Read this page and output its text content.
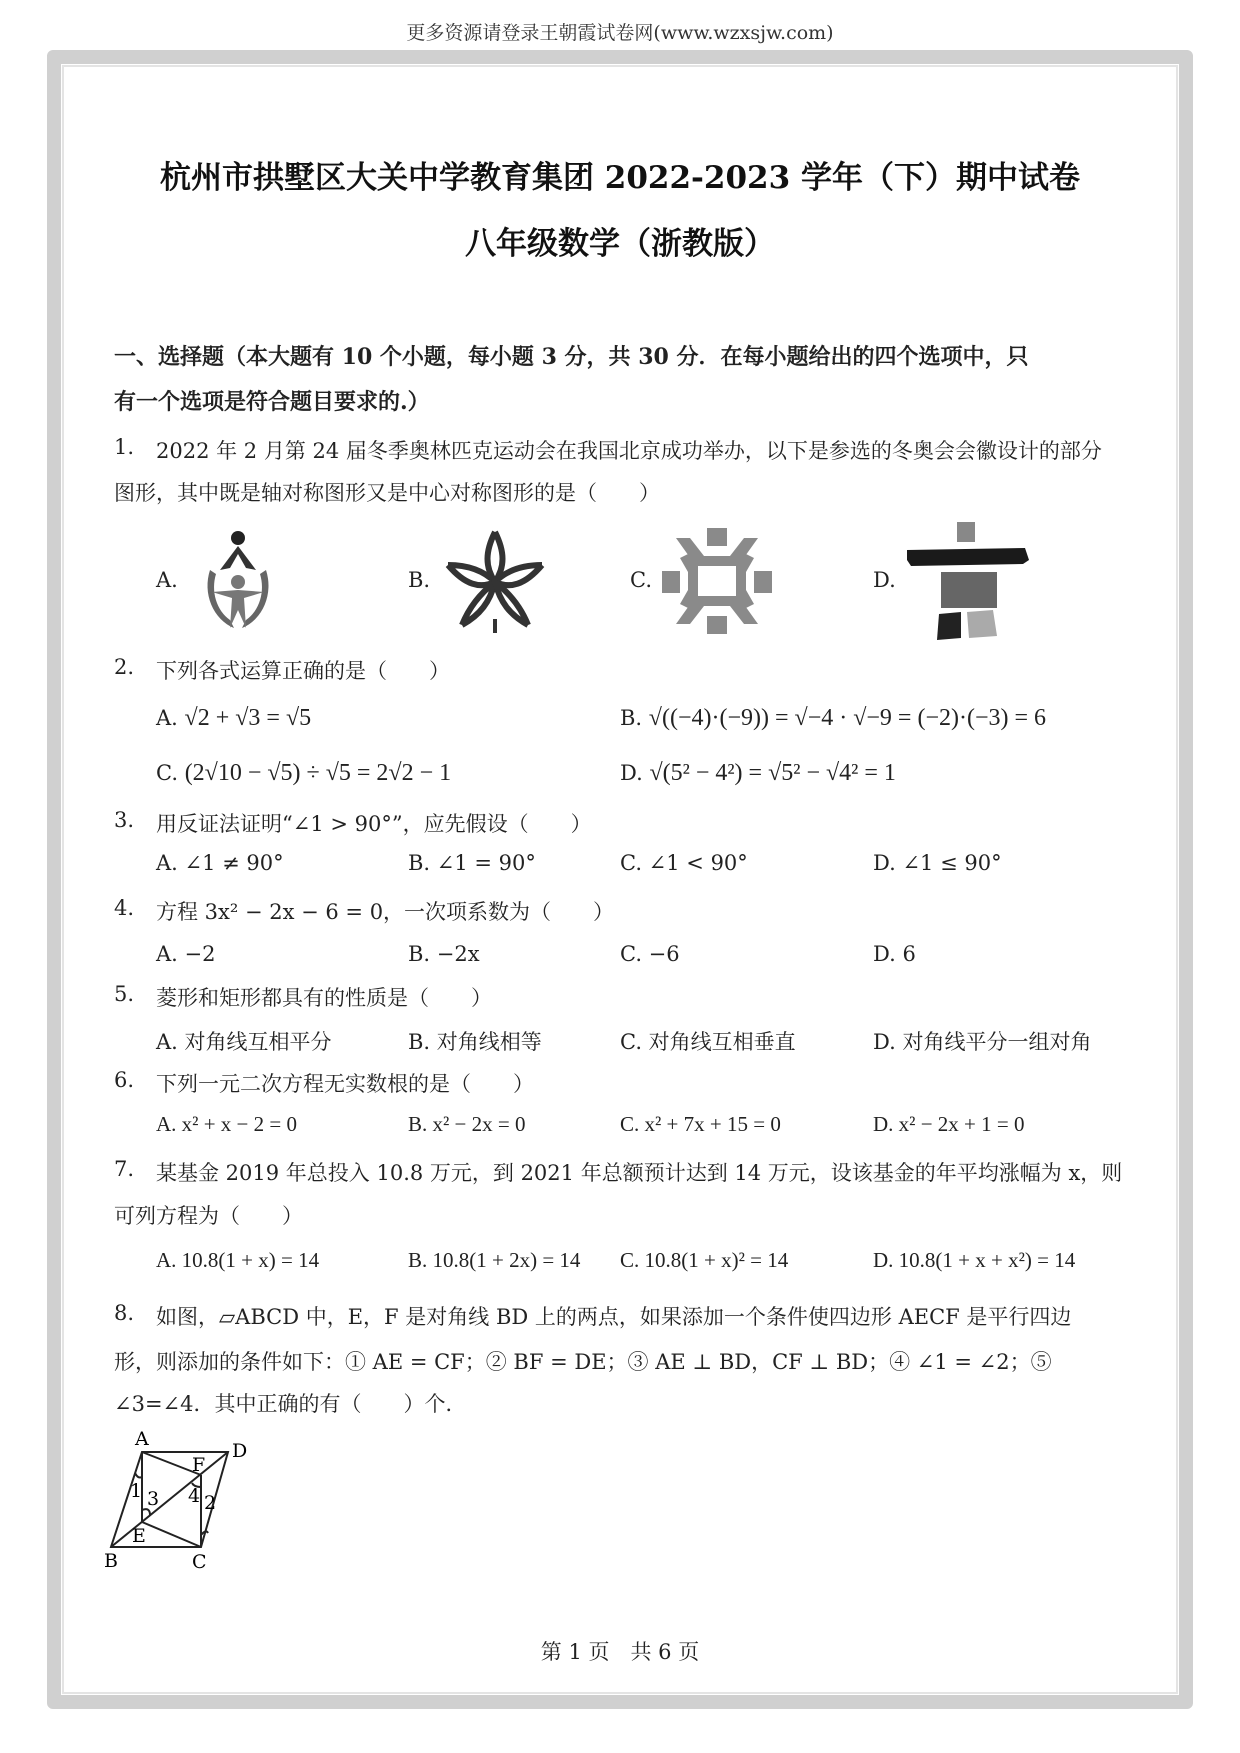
更多资源请登录王朝霞试卷网(www.wzxsjw.com)
杭州市拱墅区大关中学教育集团 2022-2023 学年（下）期中试卷
八年级数学（浙教版）
一、选择题（本大题有 10 个小题，每小题 3 分，共 30 分．在每小题给出的四个选项中，只
有一个选项是符合题目要求的.）
1. 2022 年 2 月第 24 届冬季奥林匹克运动会在我国北京成功举办，以下是参选的冬奥会会徽设计的部分
图形，其中既是轴对称图形又是中心对称图形的是（　　）
A.	B.	C.	D.
2. 下列各式运算正确的是（　　）
A. √2 + √3 = √5	B. √((−4)·(−9)) = √−4 · √−9 = (−2)·(−3) = 6
C. (2√10 − √5) ÷ √5 = 2√2 − 1	D. √(5² − 4²) = √5² − √4² = 1
3. 用反证法证明“∠1 > 90°”，应先假设（　　）
A. ∠1 ≠ 90°	B. ∠1 = 90°	C. ∠1 < 90°	D. ∠1 ≤ 90°
4. 方程 3x² − 2x − 6 = 0，一次项系数为（　　）
A. −2	B. −2x	C. −6	D. 6
5. 菱形和矩形都具有的性质是（　　）
A. 对角线互相平分	B. 对角线相等	C. 对角线互相垂直	D. 对角线平分一组对角
6. 下列一元二次方程无实数根的是（　　）
A. x² + x − 2 = 0	B. x² − 2x = 0	C. x² + 7x + 15 = 0	D. x² − 2x + 1 = 0
7. 某基金 2019 年总投入 10.8 万元，到 2021 年总额预计达到 14 万元，设该基金的年平均涨幅为 x，则
可列方程为（　　）
A. 10.8(1 + x) = 14	B. 10.8(1 + 2x) = 14 C. 10.8(1 + x)² = 14	D. 10.8(1 + x + x²) = 14
8. 如图，▱ABCD 中，E，F 是对角线 BD 上的两点，如果添加一个条件使四边形 AECF 是平行四边
形，则添加的条件如下：① AE = CF；② BF = DE；③ AE ⊥ BD，CF ⊥ BD；④ ∠1 = ∠2；⑤
∠3=∠4．其中正确的有（　　）个．
A
D
B	C
E
F
1 3 4 2
第 1 页　共 6 页
